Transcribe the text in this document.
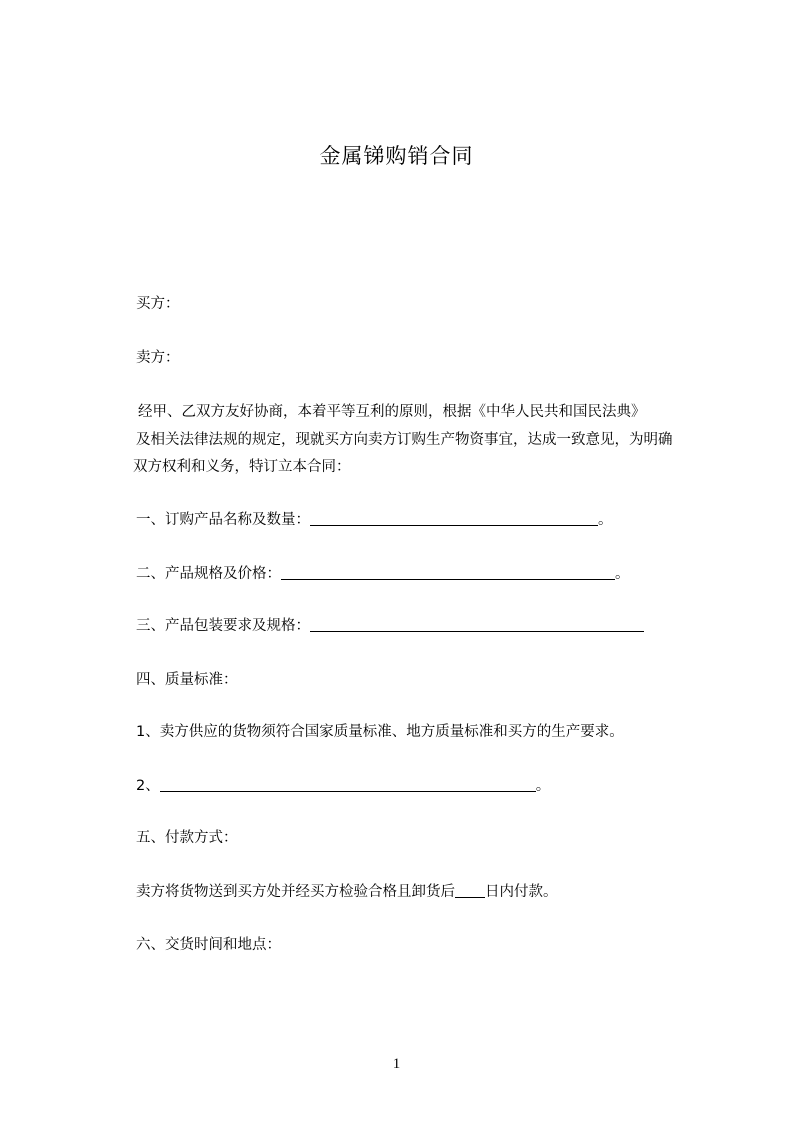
金属锑购销合同
买方：
卖方：
经甲、乙双方友好协商，本着平等互利的原则，根据《中华人民共和国民法典》
及相关法律法规的规定，现就买方向卖方订购生产物资事宜，达成一致意见，为明确
双方权利和义务，特订立本合同：
一、订购产品名称及数量：	。
二、产品规格及价格：	。
三、产品包装要求及规格：
四、质量标准：
1、卖方供应的货物须符合国家质量标准、地方质量标准和买方的生产要求。
2、	。
五、付款方式：
卖方将货物送到买方处并经买方检验合格且卸货后 日内付款。
六、交货时间和地点：
1
